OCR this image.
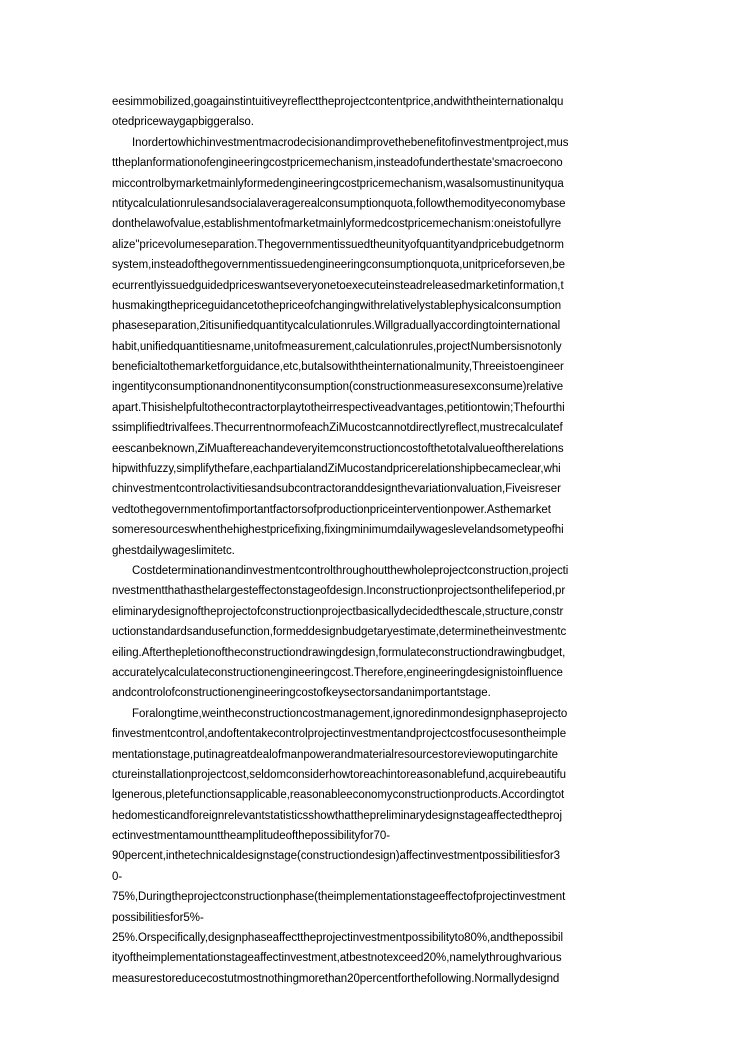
eesimmobilized,goagainstintuitiveyreflecttheprojectcontentprice,andwiththeinternationalqu
otedpricewaygapbiggeralso.
Inordertowhichinvestmentmacrodecisionandimprovethebenefitofinvestmentproject,mus
ttheplanformationofengineeringcostpricemechanism,insteadofunderthestate'smacroecono
miccontrolbymarketmainlyformedengineeringcostpricemechanism,wasalsomustinunityqua
ntitycalculationrulesandsocialaveragerealconsumptionquota,followthemodityeconomybase
donthelawofvalue,establishmentofmarketmainlyformedcostpricemechanism:oneistofullyre
alize"pricevolumeseparation.Thegovernmentissuedtheunityofquantityandpricebudgetnorm
system,insteadofthegovernmentissuedengineeringconsumptionquota,unitpriceforseven,be
ecurrentlyissuedguidedpriceswantseveryonetoexecuteinsteadreleasedmarketinformation,t
husmakingthepriceguidancetothepriceofchangingwithrelativelystablephysicalconsumption
phaseseparation,2itisunifiedquantitycalculationrules.Willgraduallyaccordingtointernational
habit,unifiedquantitiesname,unitofmeasurement,calculationrules,projectNumbersisnotonly
beneficialtothemarketforguidance,etc,butalsowiththeinternationalmunity,Threeistoengineer
ingentityconsumptionandnonentityconsumption(constructionmeasuresexconsume)relative
apart.Thisishelpfultothecontractorplaytotheirrespectiveadvantages,petitiontowin;Thefourthi
ssimplifiedtrivalfees.ThecurrentnormofeachZiMucostcannotdirectlyreflect,mustrecalculatef
eescanbeknown,ZiMuaftereachandeveryitemconstructioncostofthetotalvalueoftherelations
hipwithfuzzy,simplifythefare,eachpartialandZiMucostandpricerelationshipbecameclear,whi
chinvestmentcontrolactivitiesandsubcontractoranddesignthevariationvaluation,Fiveisreser
vedtothegovernmentofimportantfactorsofproductionpriceinterventionpower.Asthemarket
someresourceswhenthehighestpricefixing,fixingminimumdailywageslevelandsometypeofhi
ghestdailywageslimitetc.
Costdeterminationandinvestmentcontrolthroughoutthewholeprojectconstruction,projecti
nvestmentthathasthelargesteffectonstageofdesign.Inconstructionprojectsonthelifeperiod,pr
eliminarydesignoftheprojectofconstructionprojectbasicallydecidedthescale,structure,constr
uctionstandardsandusefunction,formeddesignbudgetaryestimate,determinetheinvestmentc
eiling.Afterthepletionoftheconstructiondrawingdesign,formulateconstructiondrawingbudget,
accuratelycalculateconstructionengineeringcost.Therefore,engineeringdesignistoinfluence
andcontrolofconstructionengineeringcostofkeysectorsandanimportantstage.
Foralongtime,weintheconstructioncostmanagement,ignoredinmondesignphaseprojecto
finvestmentcontrol,andoftentakecontrolprojectinvestmentandprojectcostfocusesontheimple
mentationstage,putinagreatdealofmanpowerandmaterialresourcestoreviewoputingarchite
ctureinstallationprojectcost,seldomconsiderhowtoreachintoreasonablefund,acquirebeautifu
lgenerous,pletefunctionsapplicable,reasonableeconomyconstructionproducts.Accordingtot
hedomesticandforeignrelevantstatisticsshowthatthepreliminarydesignstageaffectedtheproj
ectinvestmentamounttheamplitudeofthepossibilityfor70-
90percent,inthetechnicaldesignstage(constructiondesign)affectinvestmentpossibilitiesfor3
0-
75%,Duringtheprojectconstructionphase(theimplementationstageeffectofprojectinvestment
possibilitiesfor5%-
25%.Orspecifically,designphaseaffecttheprojectinvestmentpossibilityto80%,andthepossibil
ityoftheimplementationstageaffectinvestment,atbestnotexceed20%,namelythroughvarious
measurestoreducecostutmostnothingmorethan20percentforthefollowing.Normallydesignd
